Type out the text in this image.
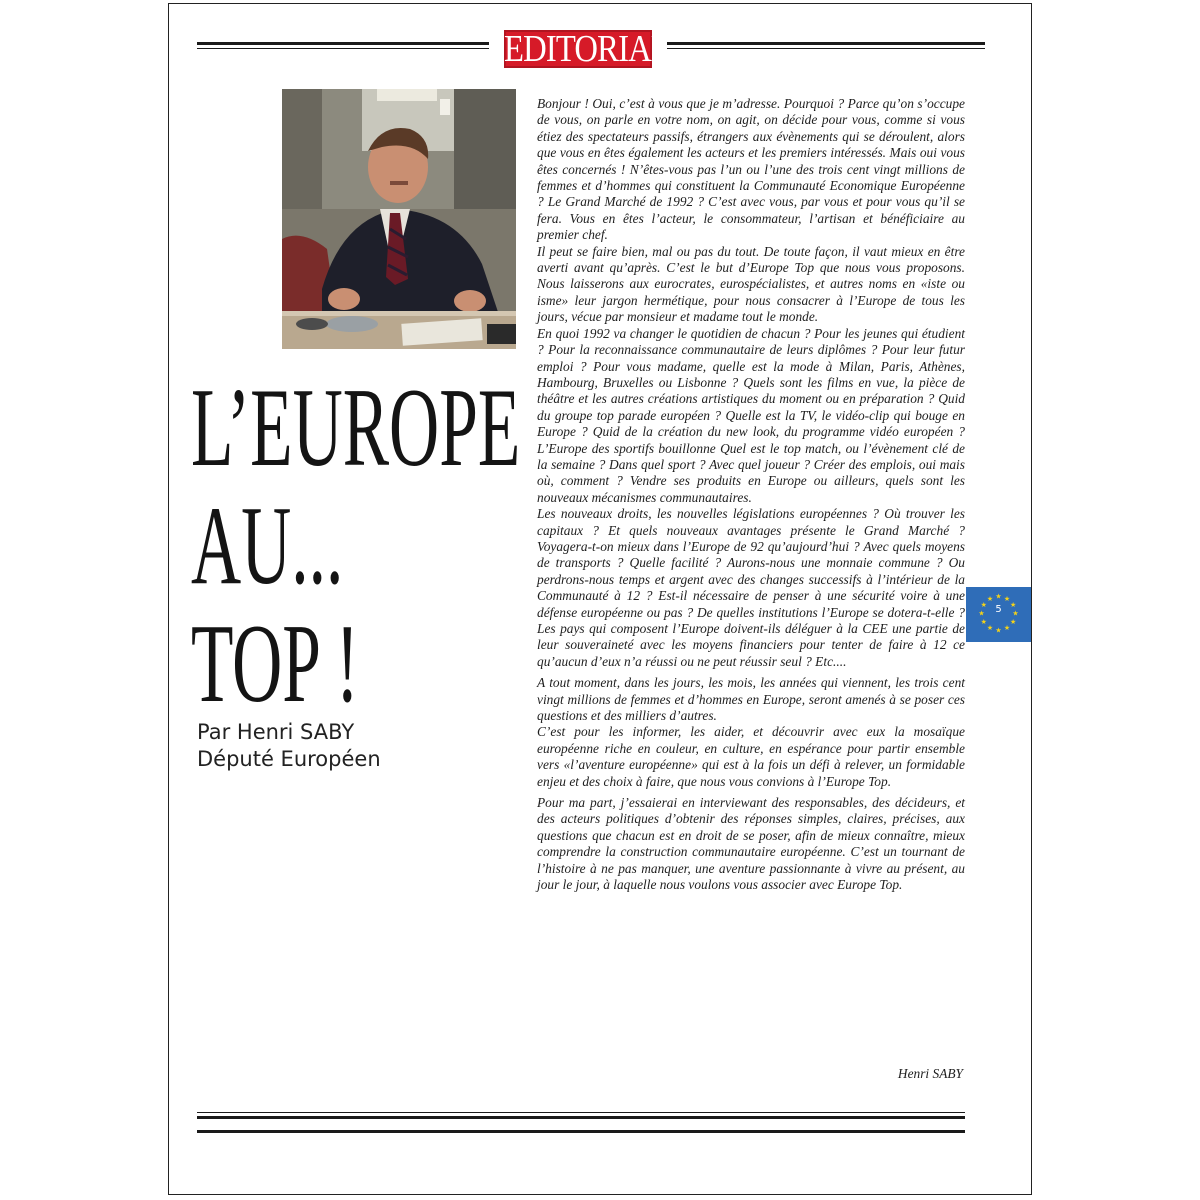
EDITORIAL
L’EUROPE
AU...
TOP !
Par Henri SABY
Député Européen

Bonjour ! Oui, c’est à vous que je m’adresse. Pourquoi ? Parce qu’on s’occupe de vous, on parle en votre nom, on agit, on décide pour vous, comme si vous étiez des spectateurs passifs, étrangers aux évènements qui se déroulent, alors que vous en êtes également les acteurs et les premiers intéressés. Mais oui vous êtes concernés ! N’êtes-vous pas l’un ou l’une des trois cent vingt millions de femmes et d’hommes qui constituent la Communauté Economique Européenne ? Le Grand Marché de 1992 ? C’est avec vous, par vous et pour vous qu’il se fera. Vous en êtes l’acteur, le consommateur, l’artisan et bénéficiaire au premier chef.

Il peut se faire bien, mal ou pas du tout. De toute façon, il vaut mieux en être averti avant qu’après. C’est le but d’Europe Top que nous vous proposons. Nous laisserons aux eurocrates, eurospécialistes, et autres noms en «iste ou isme» leur jargon hermétique, pour nous consacrer à l’Europe de tous les jours, vécue par monsieur et madame tout le monde.

En quoi 1992 va changer le quotidien de chacun ? Pour les jeunes qui étudient ? Pour la reconnaissance communautaire de leurs diplômes ? Pour leur futur emploi ? Pour vous madame, quelle est la mode à Milan, Paris, Athènes, Hambourg, Bruxelles ou Lisbonne ? Quels sont les films en vue, la pièce de théâtre et les autres créations artistiques du moment ou en préparation ? Quid du groupe top parade européen ? Quelle est la TV, le vidéo-clip qui bouge en Europe ? Quid de la création du new look, du programme vidéo européen ? L’Europe des sportifs bouillonne Quel est le top match, ou l’évènement clé de la semaine ? Dans quel sport ? Avec quel joueur ? Créer des emplois, oui mais où, comment ? Vendre ses produits en Europe ou ailleurs, quels sont les nouveaux mécanismes communautaires.

Les nouveaux droits, les nouvelles législations européennes ? Où trouver les capitaux ? Et quels nouveaux avantages présente le Grand Marché ? Voyagera-t-on mieux dans l’Europe de 92 qu’aujourd’hui ? Avec quels moyens de transports ? Quelle facilité ? Aurons-nous une monnaie commune ? Ou perdrons-nous temps et argent avec des changes successifs à l’intérieur de la Communauté à 12 ? Est-il nécessaire de penser à une sécurité voire à une défense européenne ou pas ? De quelles institutions l’Europe se dotera-t-elle ? Les pays qui composent l’Europe doivent-ils déléguer à la CEE une partie de leur souveraineté avec les moyens financiers pour tenter de faire à 12 ce qu’aucun d’eux n’a réussi ou ne peut réussir seul ? Etc....

A tout moment, dans les jours, les mois, les années qui viennent, les trois cent vingt millions de femmes et d’hommes en Europe, seront amenés à se poser ces questions et des milliers d’autres.

C’est pour les informer, les aider, et découvrir avec eux la mosaïque européenne riche en couleur, en culture, en espérance pour partir ensemble vers «l’aventure européenne» qui est à la fois un défi à relever, un formidable enjeu et des choix à faire, que nous vous convions à l’Europe Top.

Pour ma part, j’essaierai en interviewant des responsables, des décideurs, et des acteurs politiques d’obtenir des réponses simples, claires, précises, aux questions que chacun est en droit de se poser, afin de mieux connaître, mieux comprendre la construction communautaire européenne. C’est un tournant de l’histoire à ne pas manquer, une aventure passionnante à vivre au présent, au jour le jour, à laquelle nous voulons vous associer avec Europe Top.

Henri SABY
★ ★
★
★
★
★
★
★
★
★
★
★
5
